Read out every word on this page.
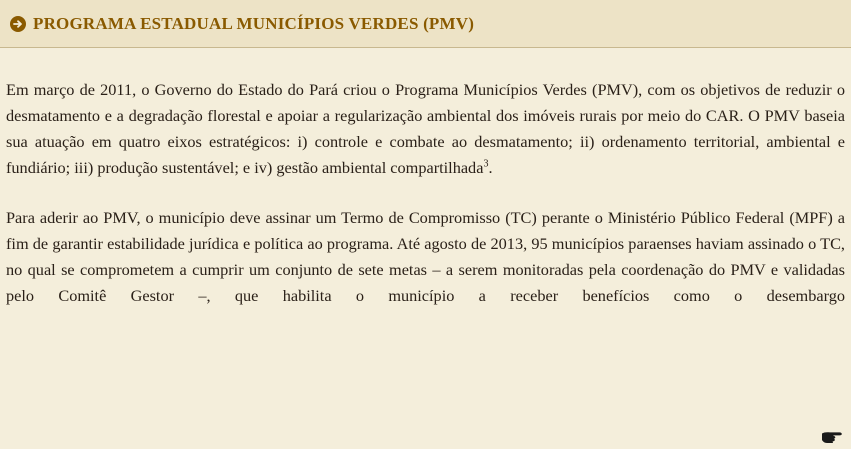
PROGRAMA ESTADUAL MUNICÍPIOS VERDES (PMV)

Em março de 2011, o Governo do Estado do Pará criou o Programa Municípios Verdes (PMV), com os objetivos de reduzir o desmatamento e a degradação florestal e apoiar a regularização ambiental dos imóveis rurais por meio do CAR. O PMV baseia sua atuação em quatro eixos estratégicos: i) controle e combate ao desmatamento; ii) ordenamento territorial, ambiental e fundiário; iii) produção sustentável; e iv) gestão ambiental compartilhada$^3$.

Para aderir ao PMV, o município deve assinar um Termo de Compromisso (TC) perante o Ministério Público Federal (MPF) a fim de garantir estabilidade jurídica e política ao programa. Até agosto de 2013, 95 municípios paraenses haviam assinado o TC, no qual se comprometem a cumprir um conjunto de sete metas – a serem monitoradas pela coordenação do PMV e validadas pelo Comitê Gestor –, que habilita o município a receber benefícios como o desembargo
